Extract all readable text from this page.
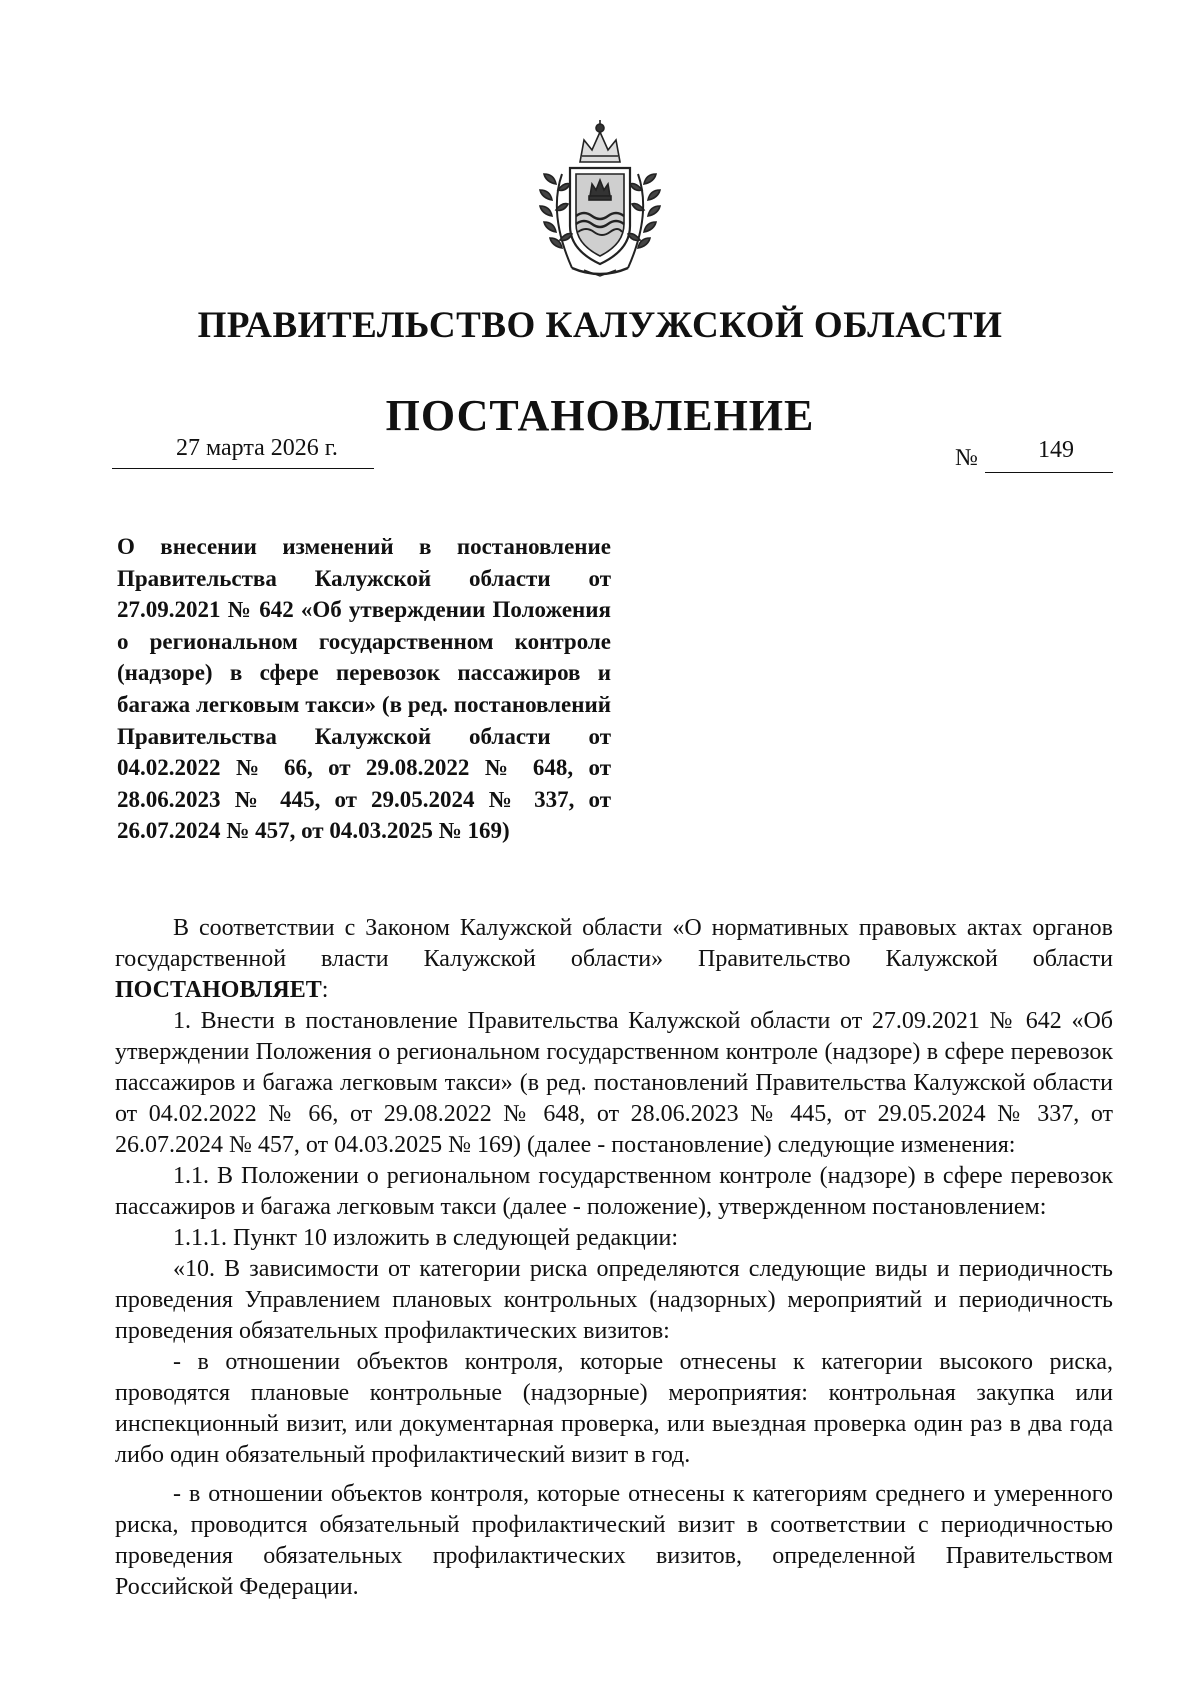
ПРАВИТЕЛЬСТВО КАЛУЖСКОЙ ОБЛАСТИ
ПОСТАНОВЛЕНИЕ
27 марта 2026 г.	№	149

О внесении изменений в постановление Правительства Калужской области от 27.09.2021 № 642 «Об утверждении Положения о региональном государственном контроле (надзоре) в сфере перевозок пассажиров и багажа легковым такси» (в ред. постановлений Правительства Калужской области от 04.02.2022 № 66, от 29.08.2022 № 648, от 28.06.2023 № 445, от 29.05.2024 № 337, от 26.07.2024 № 457, от 04.03.2025 № 169)

В соответствии с Законом Калужской области «О нормативных правовых актах органов государственной власти Калужской области» Правительство Калужской области ПОСТАНОВЛЯЕТ:

1. Внести в постановление Правительства Калужской области от 27.09.2021 № 642 «Об утверждении Положения о региональном государственном контроле (надзоре) в сфере перевозок пассажиров и багажа легковым такси» (в ред. постановлений Правительства Калужской области от 04.02.2022 № 66, от 29.08.2022 № 648, от 28.06.2023 № 445, от 29.05.2024 № 337, от 26.07.2024 № 457, от 04.03.2025 № 169) (далее - постановление) следующие изменения:

1.1. В Положении о региональном государственном контроле (надзоре) в сфере перевозок пассажиров и багажа легковым такси (далее - положение), утвержденном постановлением:

1.1.1. Пункт 10 изложить в следующей редакции:

«10. В зависимости от категории риска определяются следующие виды и периодичность проведения Управлением плановых контрольных (надзорных) мероприятий и периодичность проведения обязательных профилактических визитов:

- в отношении объектов контроля, которые отнесены к категории высокого риска, проводятся плановые контрольные (надзорные) мероприятия: контрольная закупка или инспекционный визит, или документарная проверка, или выездная проверка один раз в два года либо один обязательный профилактический визит в год.

- в отношении объектов контроля, которые отнесены к категориям среднего и умеренного риска, проводится обязательный профилактический визит в соответствии с периодичностью проведения обязательных профилактических визитов, определенной Правительством Российской Федерации.
